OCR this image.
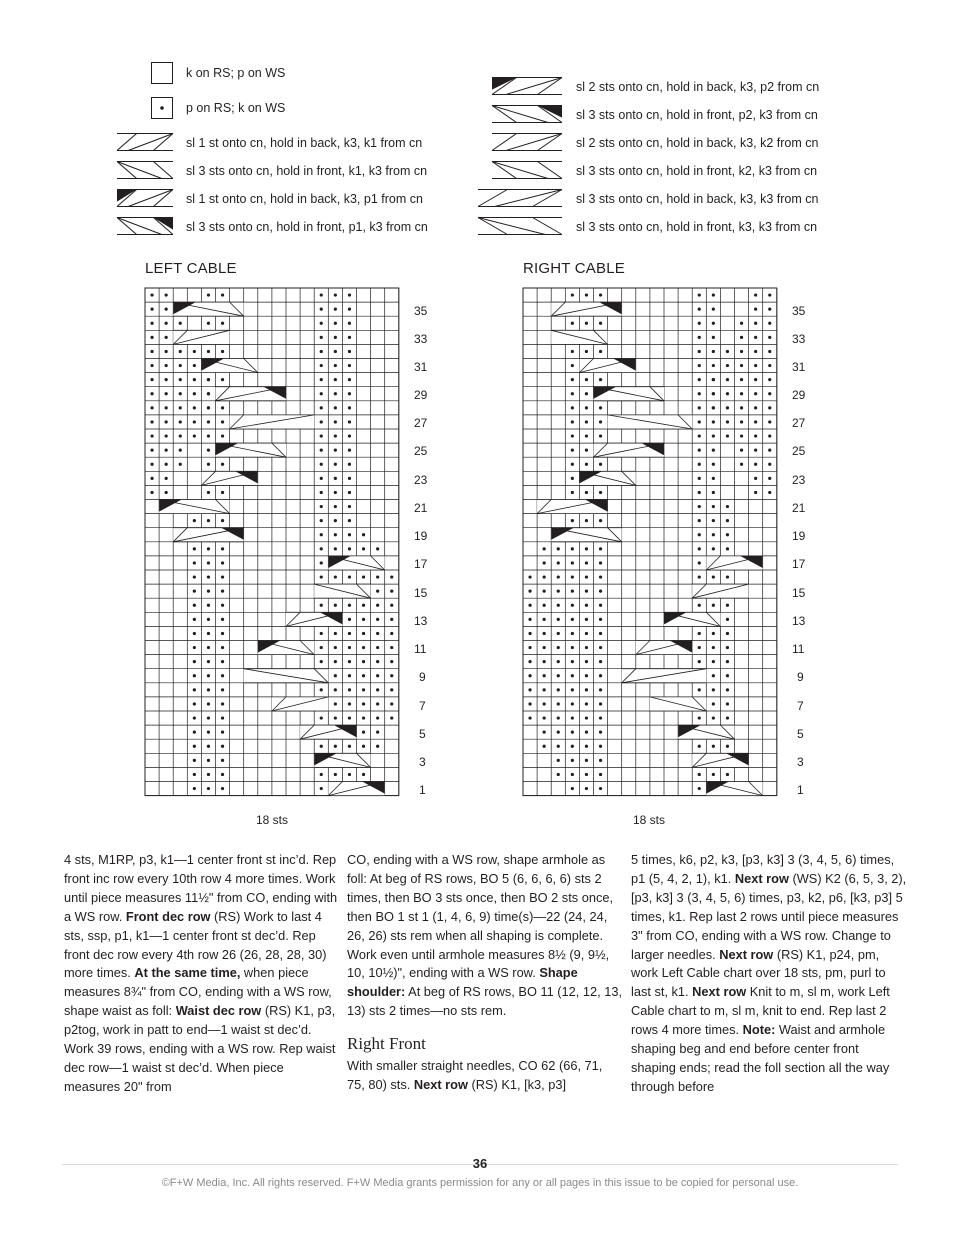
k on RS; p on WS
p on RS; k on WS
sl 1 st onto cn, hold in back, k3, k1 from cn
sl 3 sts onto cn, hold in front, k1, k3 from cn
sl 1 st onto cn, hold in back, k3, p1 from cn
sl 3 sts onto cn, hold in front, p1, k3 from cn
sl 2 sts onto cn, hold in back, k3, p2 from cn
sl 3 sts onto cn, hold in front, p2, k3 from cn
sl 2 sts onto cn, hold in back, k3, k2 from cn
sl 3 sts onto cn, hold in front, k2, k3 from cn
sl 3 sts onto cn, hold in back, k3, k3 from cn
sl 3 sts onto cn, hold in front, k3, k3 from cn
LEFT CABLE	RIGHT CABLE
35
33
31
29
27
25
23
21
19
17
15
13
11
9
7
5
3
1
35
33
31
29
27
25
23
21
19
17
15
13
11
9
7
5
3
1
18 sts	18 sts

4 sts, M1RP, p3, k1—1 center front st inc’d. Rep front inc row every 10th row 4 more times. Work until piece measures 11½" from CO, ending with a WS row. Front dec row (RS) Work to last 4 sts, ssp, p1, k1—1 center front st dec’d. Rep front dec row every 4th row 26 (26, 28, 28, 30) more times. At the same time, when piece measures 8¾" from CO, ending with a WS row, shape waist as foll: Waist dec row (RS) K1, p3, p2tog, work in patt to end—1 waist st dec’d. Work 39 rows, ending with a WS row. Rep waist dec row—1 waist st dec’d. When piece measures 20" from

CO, ending with a WS row, shape armhole as foll: At beg of RS rows, BO 5 (6, 6, 6, 6) sts 2 times, then BO 3 sts once, then BO 2 sts once, then BO 1 st 1 (1, 4, 6, 9) time(s)—22 (24, 24, 26, 26) sts rem when all shaping is complete. Work even until armhole measures 8½ (9, 9½, 10, 10½)", ending with a WS row. Shape shoulder: At beg of RS rows, BO 11 (12, 12, 13, 13) sts 2 times—no sts rem.

Right Front

With smaller straight needles, CO 62 (66, 71, 75, 80) sts. Next row (RS) K1, [k3, p3]

5 times, k6, p2, k3, [p3, k3] 3 (3, 4, 5, 6) times, p1 (5, 4, 2, 1), k1. Next row (WS) K2 (6, 5, 3, 2), [p3, k3] 3 (3, 4, 5, 6) times, p3, k2, p6, [k3, p3] 5 times, k1. Rep last 2 rows until piece measures 3" from CO, ending with a WS row. Change to larger needles. Next row (RS) K1, p24, pm, work Left Cable chart over 18 sts, pm, purl to last st, k1. Next row Knit to m, sl m, work Left Cable chart to m, sl m, knit to end. Rep last 2 rows 4 more times. Note: Waist and armhole shaping beg and end before center front shaping ends; read the foll section all the way through before

36
©F+W Media, Inc. All rights reserved. F+W Media grants permission for any or all pages in this issue to be copied for personal use.
